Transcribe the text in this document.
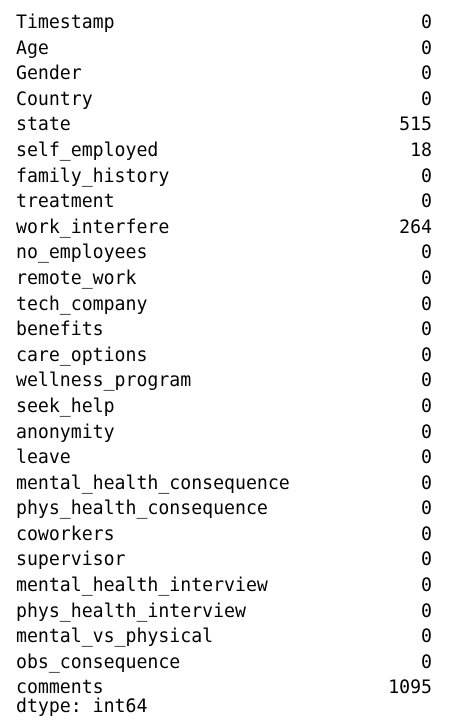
Timestamp	0
Age	0
Gender	0
Country	0
state	515
self_employed	18
family_history	0
treatment	0
work_interfere	264
no_employees	0
remote_work	0
tech_company	0
benefits	0
care_options	0
wellness_program	0
seek_help	0
anonymity	0
leave	0
mental_health_consequence	0
phys_health_consequence	0
coworkers	0
supervisor	0
mental_health_interview	0
phys_health_interview	0
mental_vs_physical	0
obs_consequence	0
comments	1095
dtype: int64
